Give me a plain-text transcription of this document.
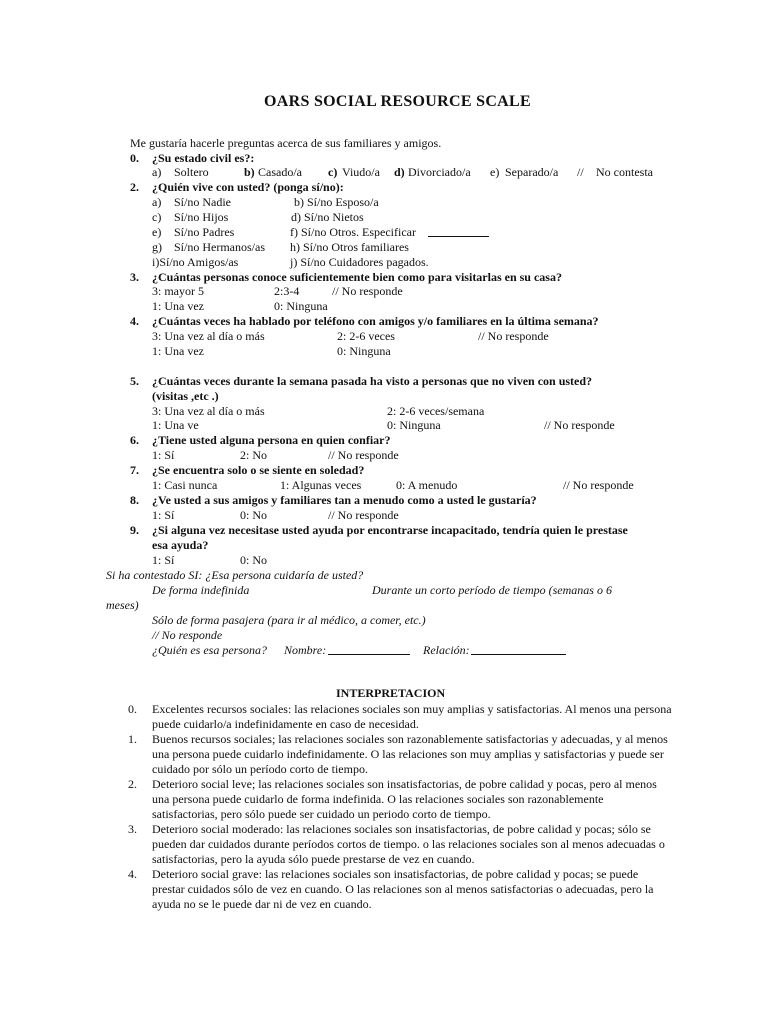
OARS SOCIAL RESOURCE SCALE
Me gustaría hacerle preguntas acerca de sus familiares y amigos.
0. ¿Su estado civil es?:
a) Soltero	b) Casado/a c) Viudo/a d) Divorciado/a e) Separado/a // No contesta
2. ¿Quién vive con usted? (ponga sí/no):
a) Sí/no Nadie	b) Sí/no Esposo/a
c) Sí/no Hijos	d) Sí/no Nietos
e) Sí/no Padres	f) Sí/no Otros. Especificar
g) Sí/no Hermanos/as h) Sí/no Otros familiares
i)Sí/no Amigos/as	j) Sí/no Cuidadores pagados.
3. ¿Cuántas personas conoce suficientemente bien como para visitarlas en su casa?
3: mayor 5	2:3-4	// No responde
1: Una vez	0: Ninguna
4. ¿Cuántas veces ha hablado por teléfono con amigos y/o familiares en la última semana?
3: Una vez al día o más	2: 2-6 veces	// No responde
1: Una vez	0: Ninguna
5. ¿Cuántas veces durante la semana pasada ha visto a personas que no viven con usted?
(visitas ,etc .)
3: Una vez al día o más	2: 2-6 veces/semana
1: Una ve	0: Ninguna	// No responde
6. ¿Tiene usted alguna persona en quien confiar?
1: Sí	2: No	// No responde
7. ¿Se encuentra solo o se siente en soledad?
1: Casi nunca	1: Algunas veces	0: A menudo	// No responde
8. ¿Ve usted a sus amigos y familiares tan a menudo como a usted le gustaría?
1: Sí	0: No	// No responde
9. ¿Si alguna vez necesitase usted ayuda por encontrarse incapacitado, tendría quien le prestase
esa ayuda?
1: Sí	0: No
Si ha contestado SI: ¿Esa persona cuidaría de usted?
De forma indefinida	Durante un corto período de tiempo (semanas o 6
meses)
Sólo de forma pasajera (para ir al médico, a comer, etc.)
// No responde
¿Quién es esa persona? Nombre:	Relación:
INTERPRETACION
0. Excelentes recursos sociales: las relaciones sociales son muy amplias y satisfactorias. Al menos una persona puede cuidarlo/a indefinidamente en caso de necesidad.
1. Buenos recursos sociales; las relaciones sociales son razonablemente satisfactorias y adecuadas, y al menos una persona puede cuidarlo indefinidamente. O las relaciones son muy amplias y satisfactorias y puede ser cuidado por sólo un período corto de tiempo.
2. Deterioro social leve; las relaciones sociales son insatisfactorias, de pobre calidad y pocas, pero al menos una persona puede cuidarlo de forma indefinida. O las relaciones sociales son razonablemente satisfactorias, pero sólo puede ser cuidado un periodo corto de tiempo.
3. Deterioro social moderado: las relaciones sociales son insatisfactorias, de pobre calidad y pocas; sólo se pueden dar cuidados durante períodos cortos de tiempo. o las relaciones sociales son al menos adecuadas o satisfactorias, pero la ayuda sólo puede prestarse de vez en cuando.
4. Deterioro social grave: las relaciones sociales son insatisfactorias, de pobre calidad y pocas; se puede prestar cuidados sólo de vez en cuando. O las relaciones son al menos satisfactorias o adecuadas, pero la ayuda no se le puede dar ni de vez en cuando.
